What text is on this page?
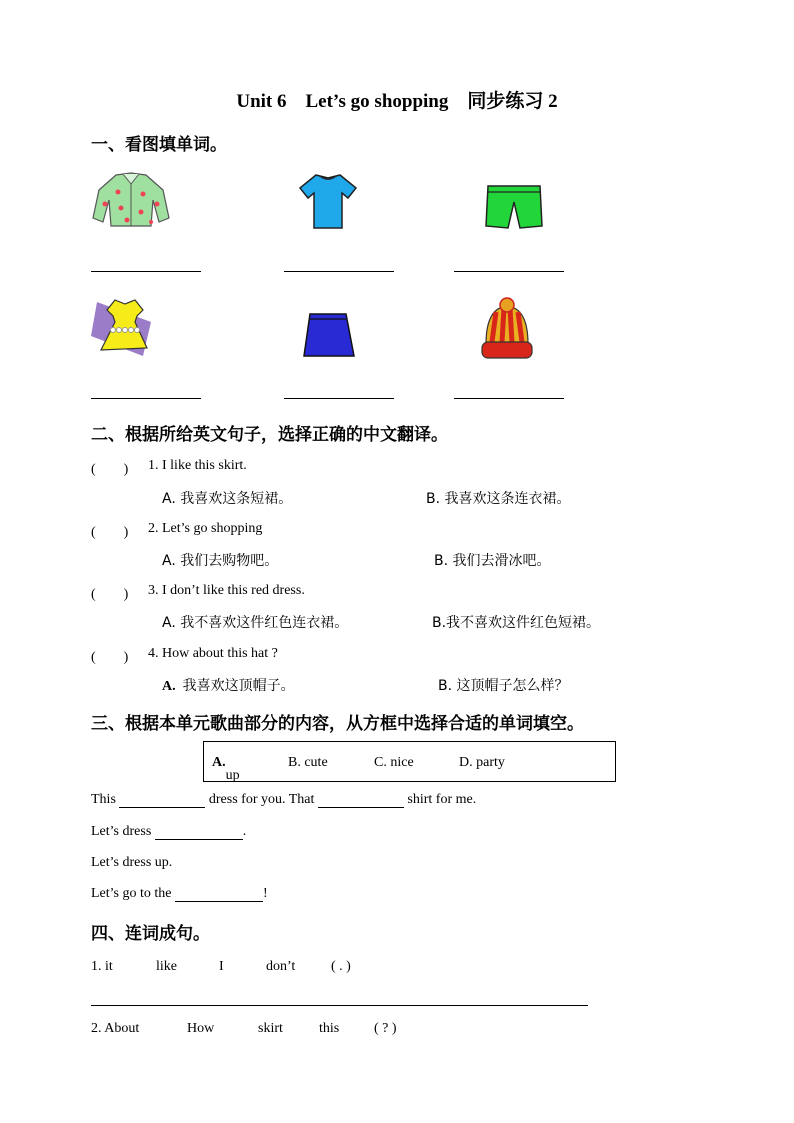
Unit 6　Let’s go shopping　同步练习 2
一、看图填单词。
二、根据所给英文句子，选择正确的中文翻译。
(　　) 1. I like this skirt.
A. 我喜欢这条短裙。	B. 我喜欢这条连衣裙。
(　　) 2. Let’s go shopping
A. 我们去购物吧。	B. 我们去滑冰吧。
(　　) 3. I don’t like this red dress.
A. 我不喜欢这件红色连衣裙。	B.我不喜欢这件红色短裙。
(　　) 4. How about this hat ?
A. 我喜欢这顶帽子。	B. 这顶帽子怎么样？
三、根据本单元歌曲部分的内容，从方框中选择合适的单词填空。
A.
up
B. cute	C. nice	D. party
This	dress for you. That	shirt for me.
Let’s dress	.
Let’s dress up.
Let’s go to the	!
四、连词成句。
1. it	like	I	don’t	( . )
2. About	How	skirt	this ( ? )
